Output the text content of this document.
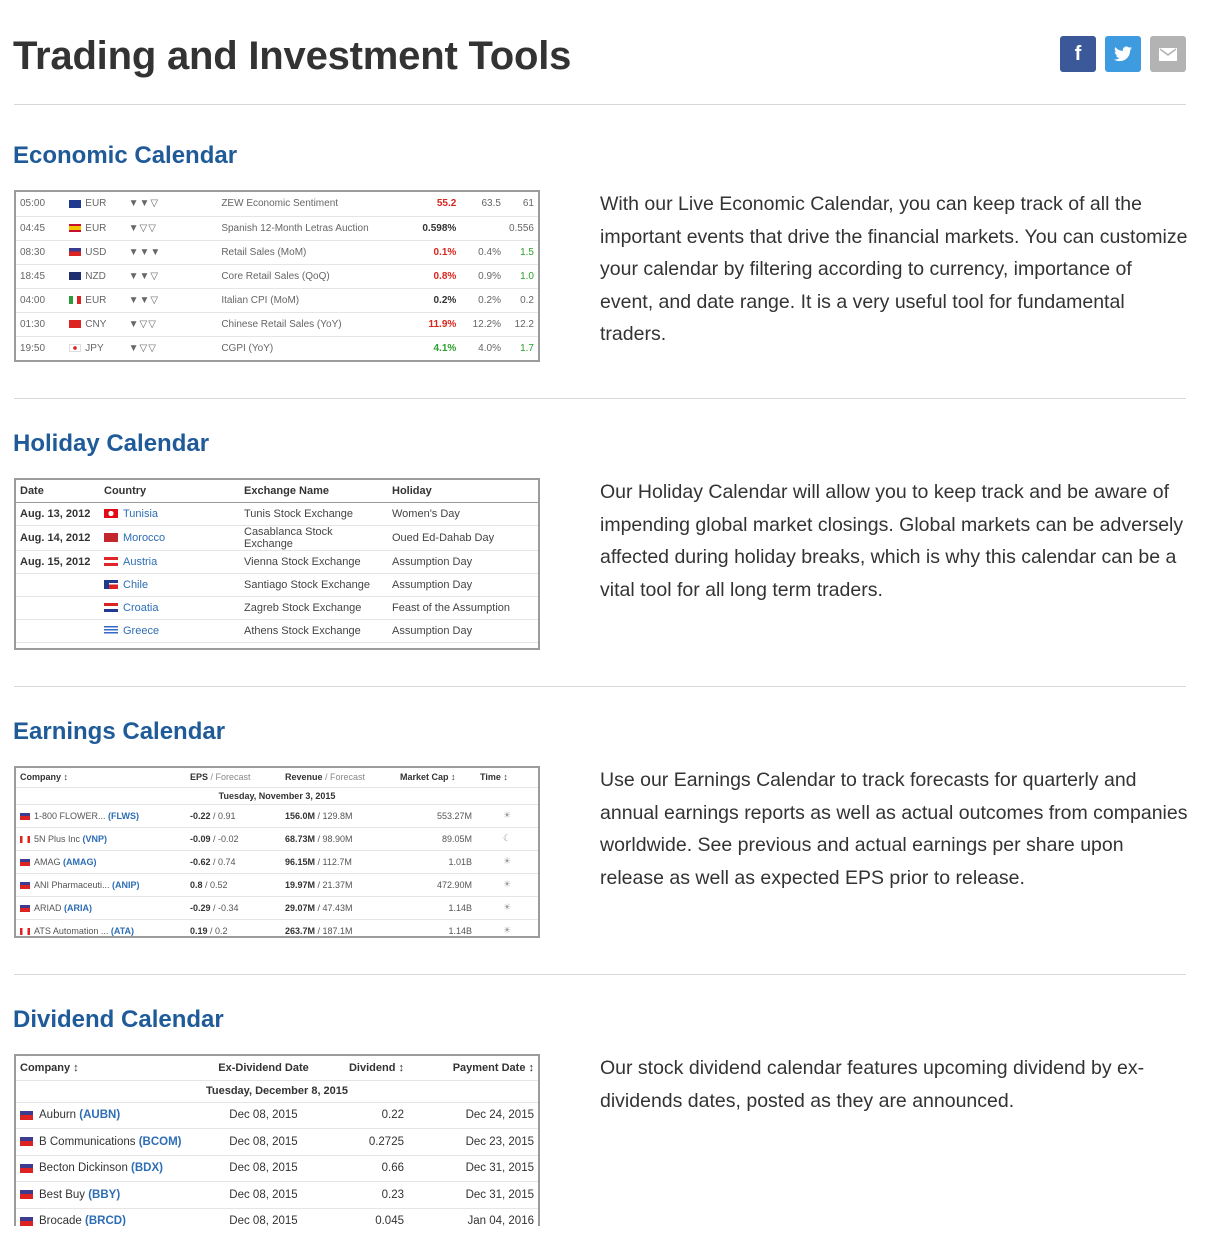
Trading and Investment Tools	f
Economic Calendar
05:00	EUR	▼▼▽	ZEW Economic Sentiment	55.2	63.5	61
04:45	EUR	▼▽▽	Spanish 12-Month Letras Auction	0.598%		0.556
08:30	USD	▼▼▼	Retail Sales (MoM)	0.1%	0.4%	1.5
18:45	NZD	▼▼▽	Core Retail Sales (QoQ)	0.8%	0.9%	1.0
04:00	EUR	▼▼▽	Italian CPI (MoM)	0.2%	0.2%	0.2
01:30	CNY	▼▽▽	Chinese Retail Sales (YoY)	11.9%	12.2%	12.2
19:50	JPY	▼▽▽	CGPI (YoY)	4.1%	4.0%	1.7
With our Live Economic Calendar, you can keep track of all the important events that drive the financial markets. You can customize your calendar by filtering according to currency, importance of event, and date range. It is a very useful tool for fundamental traders.
Holiday Calendar
Date	Country	Exchange Name	Holiday
Aug. 13, 2012	Tunisia	Tunis Stock Exchange	Women's Day
Aug. 14, 2012	Morocco	Casablanca Stock Exchange	Oued Ed-Dahab Day
Aug. 15, 2012	Austria	Vienna Stock Exchange	Assumption Day
	Chile	Santiago Stock Exchange	Assumption Day
	Croatia	Zagreb Stock Exchange	Feast of the Assumption
	Greece	Athens Stock Exchange	Assumption Day
Our Holiday Calendar will allow you to keep track and be aware of impending global market closings. Global markets can be adversely affected during holiday breaks, which is why this calendar can be a vital tool for all long term traders.
Earnings Calendar
Company ↕	EPS / Forecast	Revenue / Forecast	Market Cap ↕	Time ↕
Tuesday, November 3, 2015				
1-800 FLOWER... (FLWS)	-0.22 / 0.91	156.0M / 129.8M	553.27M	☀
5N Plus Inc (VNP)	-0.09 / -0.02	68.73M / 98.90M	89.05M	☾
AMAG (AMAG)	-0.62 / 0.74	96.15M / 112.7M	1.01B	☀
ANI Pharmaceuti... (ANIP)	0.8 / 0.52	19.97M / 21.37M	472.90M	☀
ARIAD (ARIA)	-0.29 / -0.34	29.07M / 47.43M	1.14B	☀
ATS Automation ... (ATA)	0.19 / 0.2	263.7M / 187.1M	1.14B	☀
Use our Earnings Calendar to track forecasts for quarterly and annual earnings reports as well as actual outcomes from companies worldwide. See previous and actual earnings per share upon release as well as expected EPS prior to release.
Dividend Calendar
Company ↕	Ex-Dividend Date	Dividend ↕	Payment Date ↕
Tuesday, December 8, 2015			
Auburn (AUBN)	Dec 08, 2015	0.22	Dec 24, 2015
B Communications (BCOM)	Dec 08, 2015	0.2725	Dec 23, 2015
Becton Dickinson (BDX)	Dec 08, 2015	0.66	Dec 31, 2015
Best Buy (BBY)	Dec 08, 2015	0.23	Dec 31, 2015
Brocade (BRCD)	Dec 08, 2015	0.045	Jan 04, 2016
Our stock dividend calendar features upcoming dividend by ex-dividends dates, posted as they are announced.
